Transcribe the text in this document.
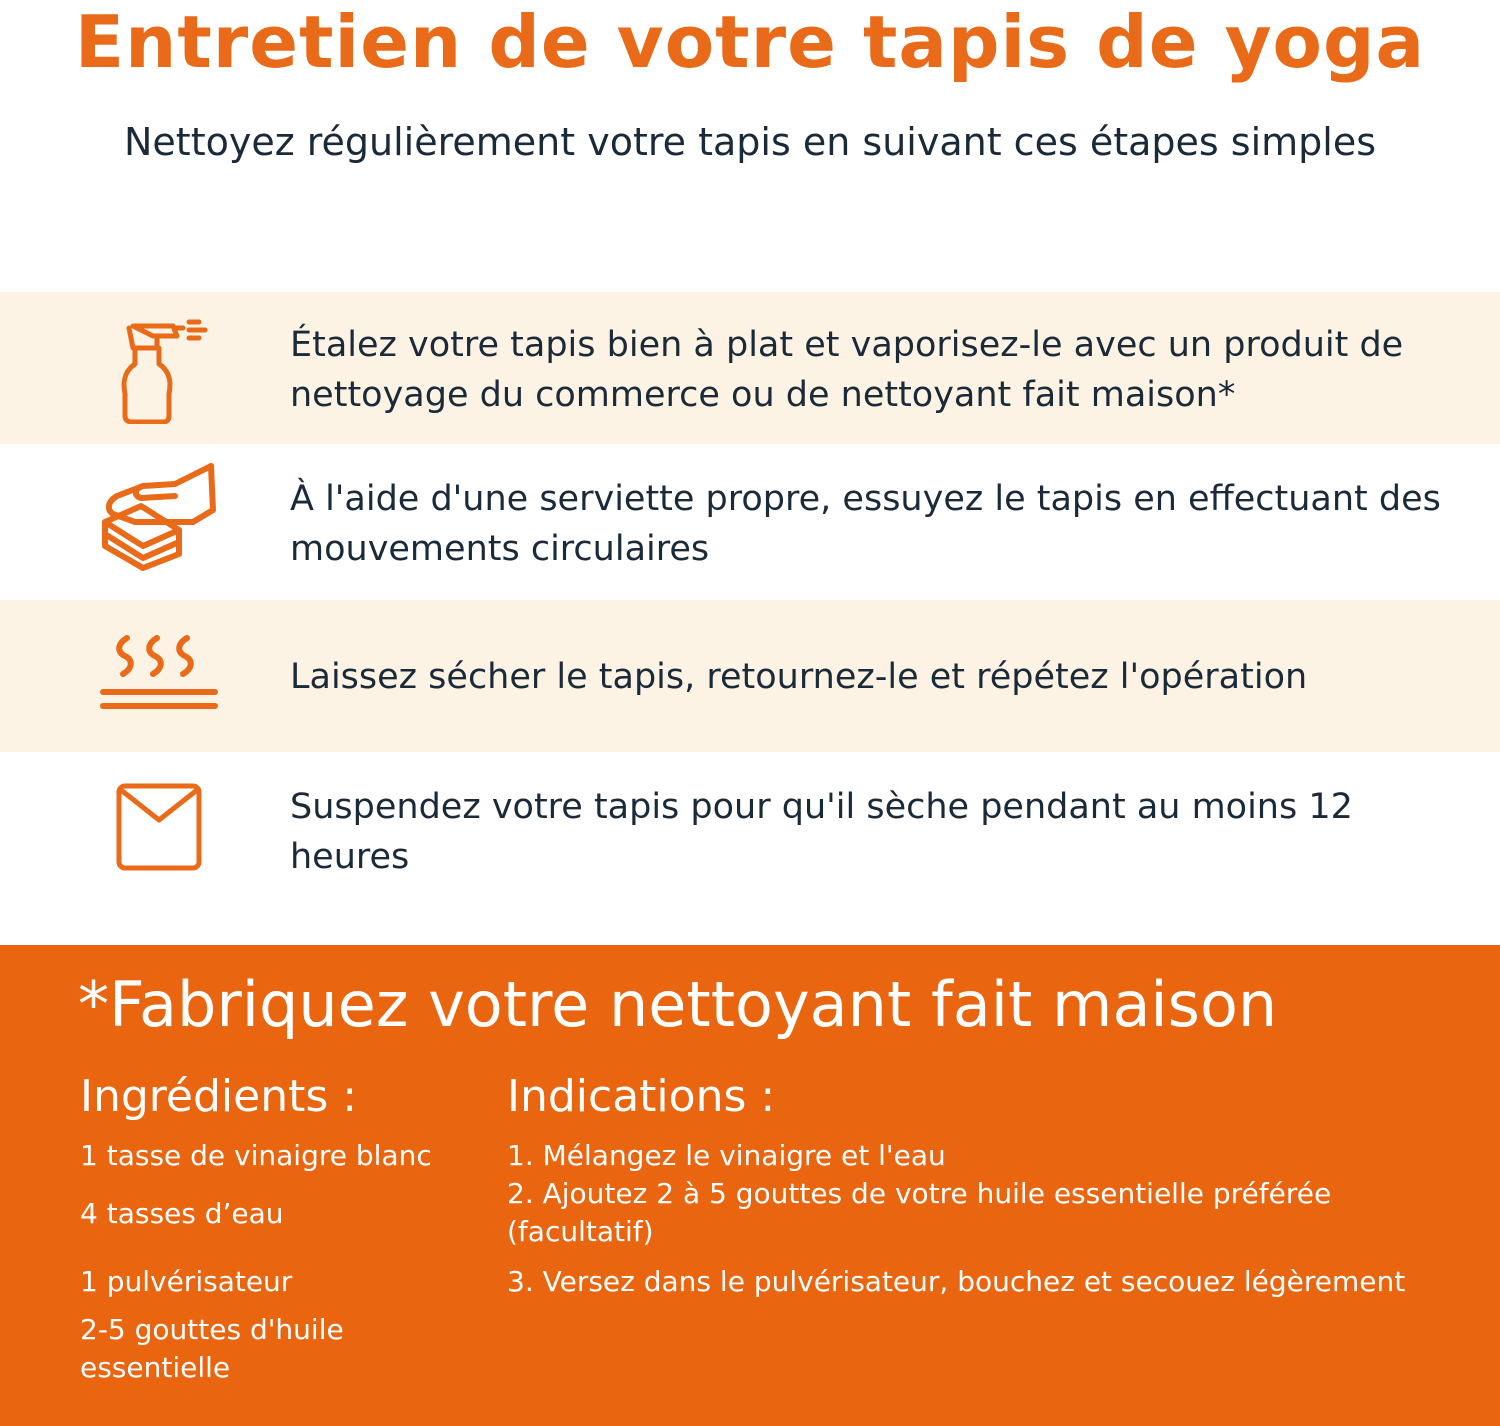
Entretien de votre tapis de yoga
Nettoyez régulièrement votre tapis en suivant ces étapes simples
Étalez votre tapis bien à plat et vaporisez-le avec un produit de nettoyage du commerce ou de nettoyant fait maison*
À l'aide d'une serviette propre, essuyez le tapis en effectuant des mouvements circulaires
Laissez sécher le tapis, retournez-le et répétez l'opération
Suspendez votre tapis pour qu'il sèche pendant au moins 12 heures
*Fabriquez votre nettoyant fait maison
Ingrédients :
1 tasse de vinaigre blanc
4 tasses d’eau
1 pulvérisateur
2-5 gouttes d'huile essentielle
Indications :
1. Mélangez le vinaigre et l'eau
2. Ajoutez 2 à 5 gouttes de votre huile essentielle préférée (facultatif)
3. Versez dans le pulvérisateur, bouchez et secouez légèrement
